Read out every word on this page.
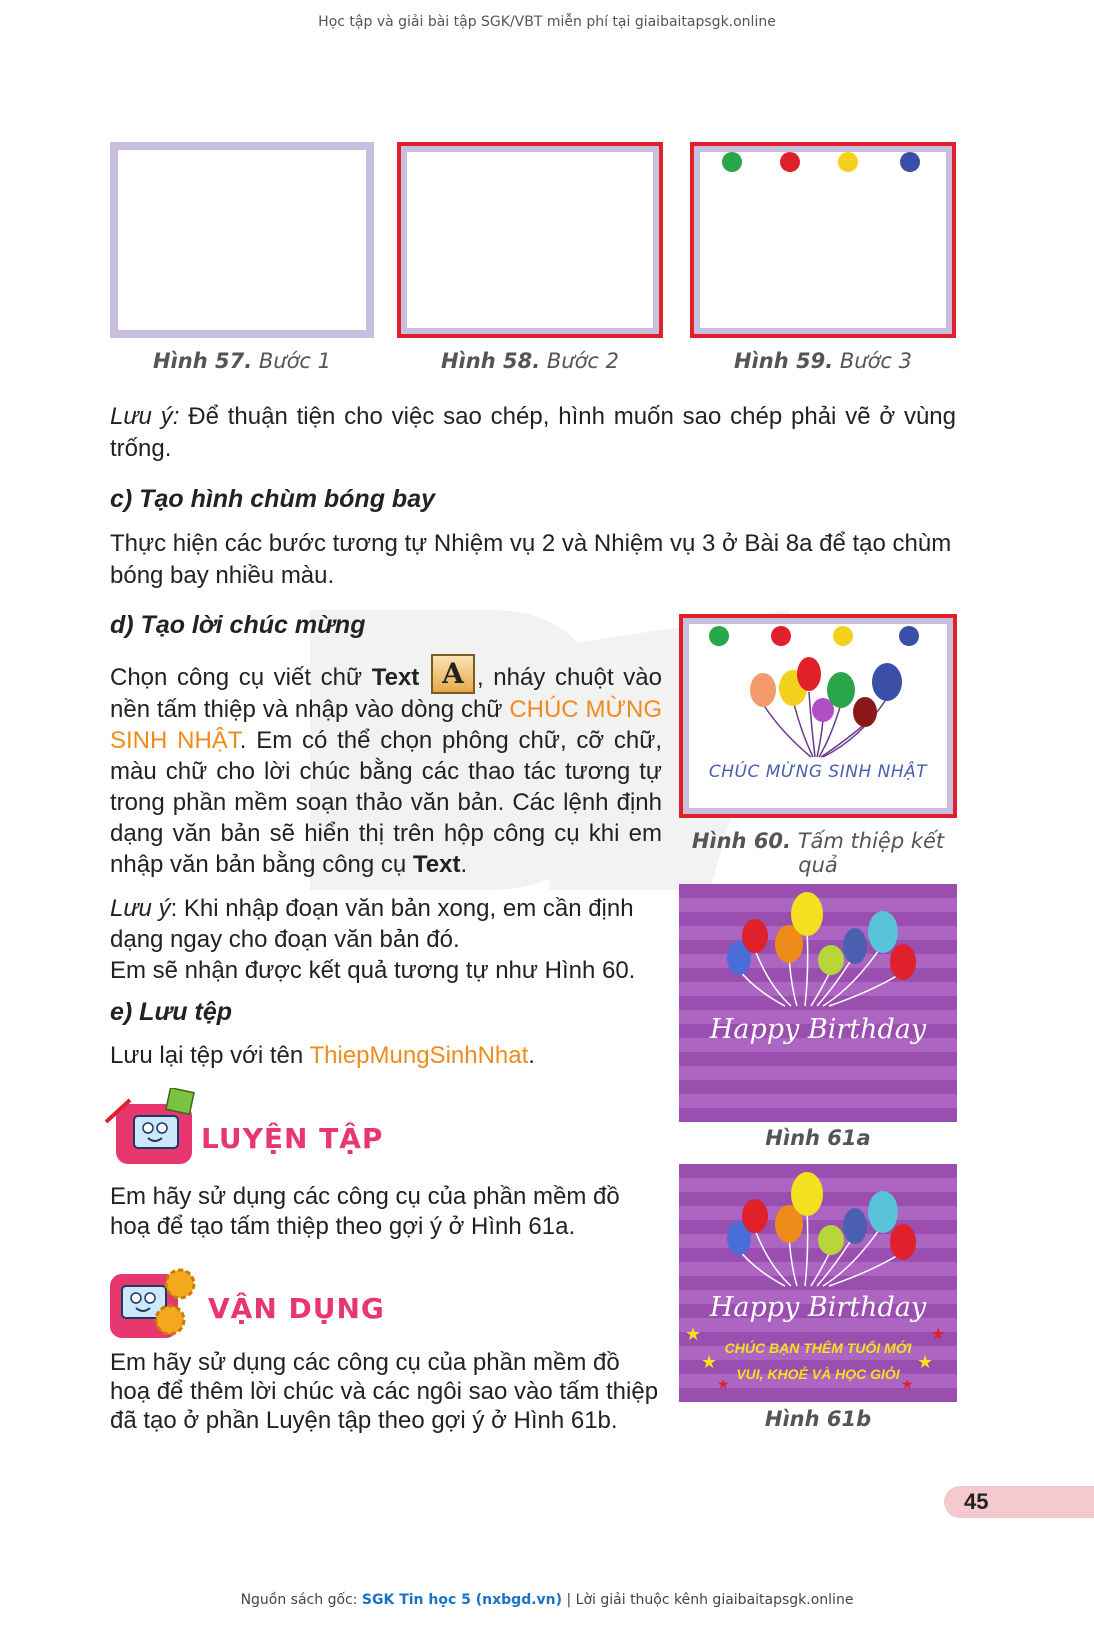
Học tập và giải bài tập SGK/VBT miễn phí tại giaibaitapsgk.online
Hình 57. Bước 1	Hình 58. Bước 2	Hình 59. Bước 3
Lưu ý: Để thuận tiện cho việc sao chép, hình muốn sao chép phải vẽ ở vùng trống.
c) Tạo hình chùm bóng bay
Thực hiện các bước tương tự Nhiệm vụ 2 và Nhiệm vụ 3 ở Bài 8a để tạo chùm bóng bay nhiều màu.
d) Tạo lời chúc mừng
Chọn công cụ viết chữ Text A , nháy chuột vào nền tấm thiệp và nhập vào dòng chữ CHÚC MỪNG SINH NHẬT. Em có thể chọn phông chữ, cỡ chữ, màu chữ cho lời chúc bằng các thao tác tương tự trong phần mềm soạn thảo văn bản. Các lệnh định dạng văn bản sẽ hiển thị trên hộp công cụ khi em nhập văn bản bằng công cụ Text.
Lưu ý: Khi nhập đoạn văn bản xong, em cần định dạng ngay cho đoạn văn bản đó.
Em sẽ nhận được kết quả tương tự như Hình 60.
CHÚC MỪNG SINH NHẬT
Hình 60. Tấm thiệp kết quả
e) Lưu tệp
Lưu lại tệp với tên ThiepMungSinhNhat.
Happy Birthday
Hình 61a
LUYỆN TẬP
Em hãy sử dụng các công cụ của phần mềm đồ hoạ để tạo tấm thiệp theo gợi ý ở Hình 61a.
Happy Birthday
CHÚC BẠN THÊM TUỔI MỚI
VUI, KHOẺ VÀ HỌC GIỎI
★
★
★
★
★
★
Hình 61b
VẬN DỤNG
Em hãy sử dụng các công cụ của phần mềm đồ hoạ để thêm lời chúc và các ngôi sao vào tấm thiệp đã tạo ở phần Luyện tập theo gợi ý ở Hình 61b.
45
Nguồn sách gốc: SGK Tin học 5 (nxbgd.vn) | Lời giải thuộc kênh giaibaitapsgk.online
